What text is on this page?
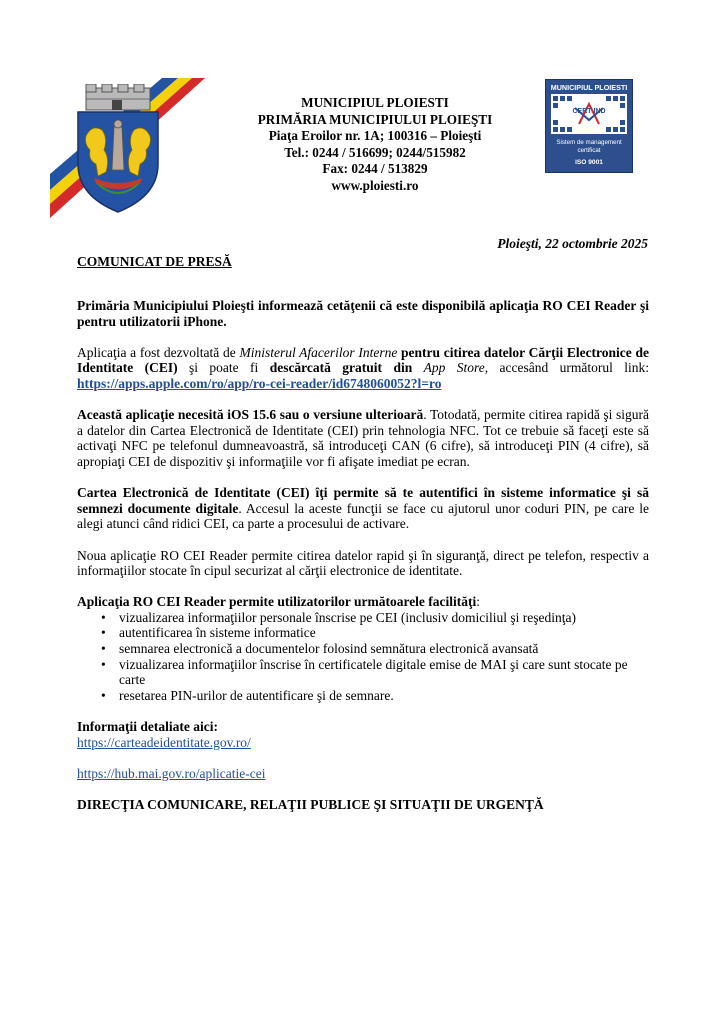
MUNICIPIUL PLOIESTI
PRIMĂRIA MUNICIPIULUI PLOIEŞTI
Piaţa Eroilor nr. 1A; 100316 – Ploieşti
Tel.: 0244 / 516699; 0244/515982
Fax: 0244 / 513829
www.ploiesti.ro
MUNICIPIUL PLOIESTI
CERT IND
Sistem de management
certificat
ISO 9001
Ploieşti, 22 octombrie 2025
COMUNICAT DE PRESĂ

Primăria Municipiului Ploieşti informează cetăţenii că este disponibilă aplicaţia RO CEI Reader şi pentru utilizatorii iPhone.

Aplicaţia a fost dezvoltată de Ministerul Afacerilor Interne pentru citirea datelor Cărţii Electronice de Identitate (CEI) şi poate fi descărcată gratuit din App Store, accesând următorul link: https://apps.apple.com/ro/app/ro-cei-reader/id6748060052?l=ro

Această aplicaţie necesită iOS 15.6 sau o versiune ulterioară. Totodată, permite citirea rapidă şi sigură a datelor din Cartea Electronică de Identitate (CEI) prin tehnologia NFC. Tot ce trebuie să faceţi este să activaţi NFC pe telefonul dumneavoastră, să introduceţi CAN (6 cifre), să introduceţi PIN (4 cifre), să apropiaţi CEI de dispozitiv şi informaţiile vor fi afişate imediat pe ecran.

Cartea Electronică de Identitate (CEI) îţi permite să te autentifici în sisteme informatice şi să semnezi documente digitale. Accesul la aceste funcţii se face cu ajutorul unor coduri PIN, pe care le alegi atunci când ridici CEI, ca parte a procesului de activare.

Noua aplicaţie RO CEI Reader permite citirea datelor rapid şi în siguranţă, direct pe telefon, respectiv a informaţiilor stocate în cipul securizat al cărţii electronice de identitate.

Aplicaţia RO CEI Reader permite utilizatorilor următoarele facilităţi:
• vizualizarea informaţiilor personale înscrise pe CEI (inclusiv domiciliul şi reşedinţa)
• autentificarea în sisteme informatice
• semnarea electronică a documentelor folosind semnătura electronică avansată
• vizualizarea informaţiilor înscrise în certificatele digitale emise de MAI şi care sunt stocate pe carte
• resetarea PIN-urilor de autentificare şi de semnare.
Informaţii detaliate aici:
https://carteadeidentitate.gov.ro/
https://hub.mai.gov.ro/aplicatie-cei
DIRECŢIA COMUNICARE, RELAŢII PUBLICE ŞI SITUAŢII DE URGENŢĂ
